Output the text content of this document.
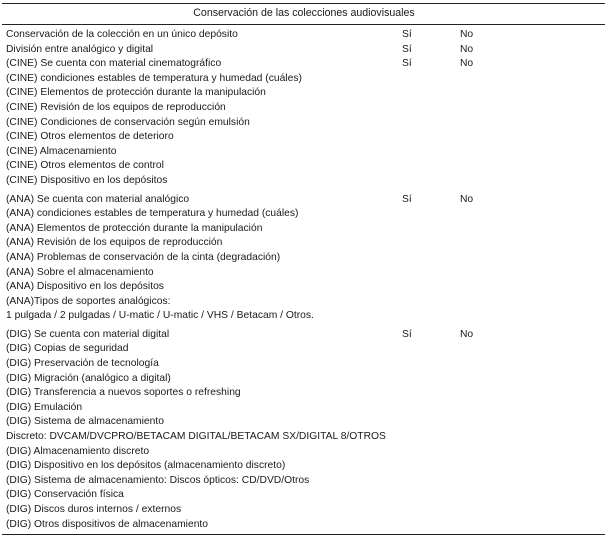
Conservación de las colecciones audiovisuales
Conservación de la colección en un único depósito	Sí	No
División entre analógico y digital	Sí	No
(CINE) Se cuenta con material cinematográfico	Sí	No
(CINE) condiciones estables de temperatura y humedad (cuáles)
(CINE) Elementos de protección durante la manipulación
(CINE) Revisión de los equipos de reproducción
(CINE) Condiciones de conservación según emulsión
(CINE) Otros elementos de deterioro
(CINE) Almacenamiento
(CINE) Otros elementos de control
(CINE) Dispositivo en los depósitos
(ANA) Se cuenta con material analógico	Sí	No
(ANA) condiciones estables de temperatura y humedad (cuáles)
(ANA) Elementos de protección durante la manipulación
(ANA) Revisión de los equipos de reproducción
(ANA) Problemas de conservación de la cinta (degradación)
(ANA) Sobre el almacenamiento
(ANA) Dispositivo en los depósitos
(ANA)Tipos de soportes analógicos:
1 pulgada / 2 pulgadas / U-matic / U-matic / VHS / Betacam / Otros.
(DIG) Se cuenta con material digital	Sí	No
(DIG) Copias de seguridad
(DIG) Preservación de tecnología
(DIG) Migración (analógico a digital)
(DIG) Transferencia a nuevos soportes o refreshing
(DIG) Emulación
(DIG) Sistema de almacenamiento
Discreto: DVCAM/DVCPRO/BETACAM DIGITAL/BETACAM SX/DIGITAL 8/OTROS
(DIG) Almacenamiento discreto
(DIG) Dispositivo en los depósitos (almacenamiento discreto)
(DIG) Sistema de almacenamiento: Discos ópticos: CD/DVD/Otros
(DIG) Conservación física
(DIG) Discos duros internos / externos
(DIG) Otros dispositivos de almacenamiento
